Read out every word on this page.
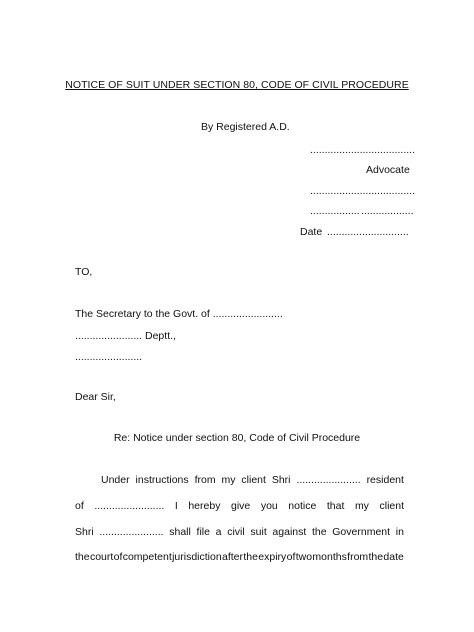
NOTICE OF SUIT UNDER SECTION 80, CODE OF CIVIL PROCEDURE
By Registered A.D.
....................................
Advocate
....................................
................. ..................
Date ............................
TO,
The Secretary to the Govt. of ........................
....................... Deptt.,
.......................
Dear Sir,
Re: Notice under section 80, Code of Civil Procedure
Under instructions from my client Shri ...................... resident
of ........................ I hereby give you notice that my client
Shri ...................... shall file a civil suit against the Government in
the court of competent jurisdiction after the expiry of two months from the date
